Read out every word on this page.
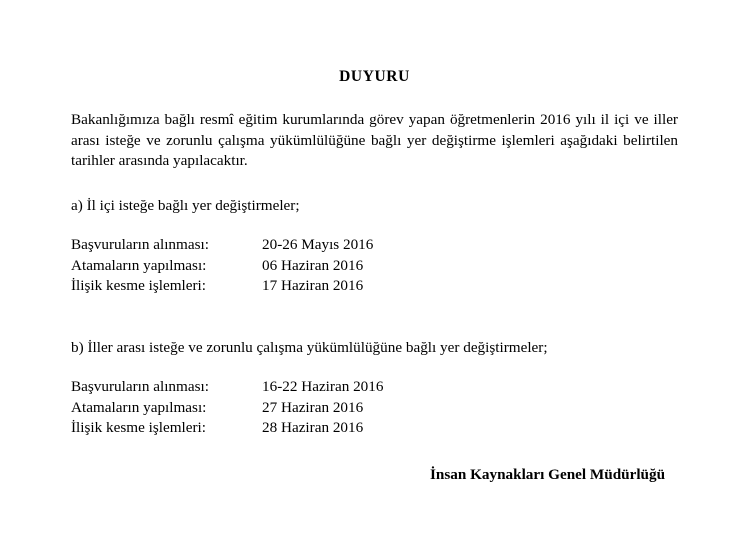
DUYURU

Bakanlığımıza bağlı resmî eğitim kurumlarında görev yapan öğretmenlerin 2016 yılı il içi ve iller arası isteğe ve zorunlu çalışma yükümlülüğüne bağlı yer değiştirme işlemleri aşağıdaki belirtilen tarihler arasında yapılacaktır.

a) İl içi isteğe bağlı yer değiştirmeler;

Başvuruların alınması:	20-26 Mayıs 2016
Atamaların yapılması:	06 Haziran 2016
İlişik kesme işlemleri:	17 Haziran 2016

b) İller arası isteğe ve zorunlu çalışma yükümlülüğüne bağlı yer değiştirmeler;

Başvuruların alınması:	16-22 Haziran 2016
Atamaların yapılması:	27 Haziran 2016
İlişik kesme işlemleri:	28 Haziran 2016

İnsan Kaynakları Genel Müdürlüğü
